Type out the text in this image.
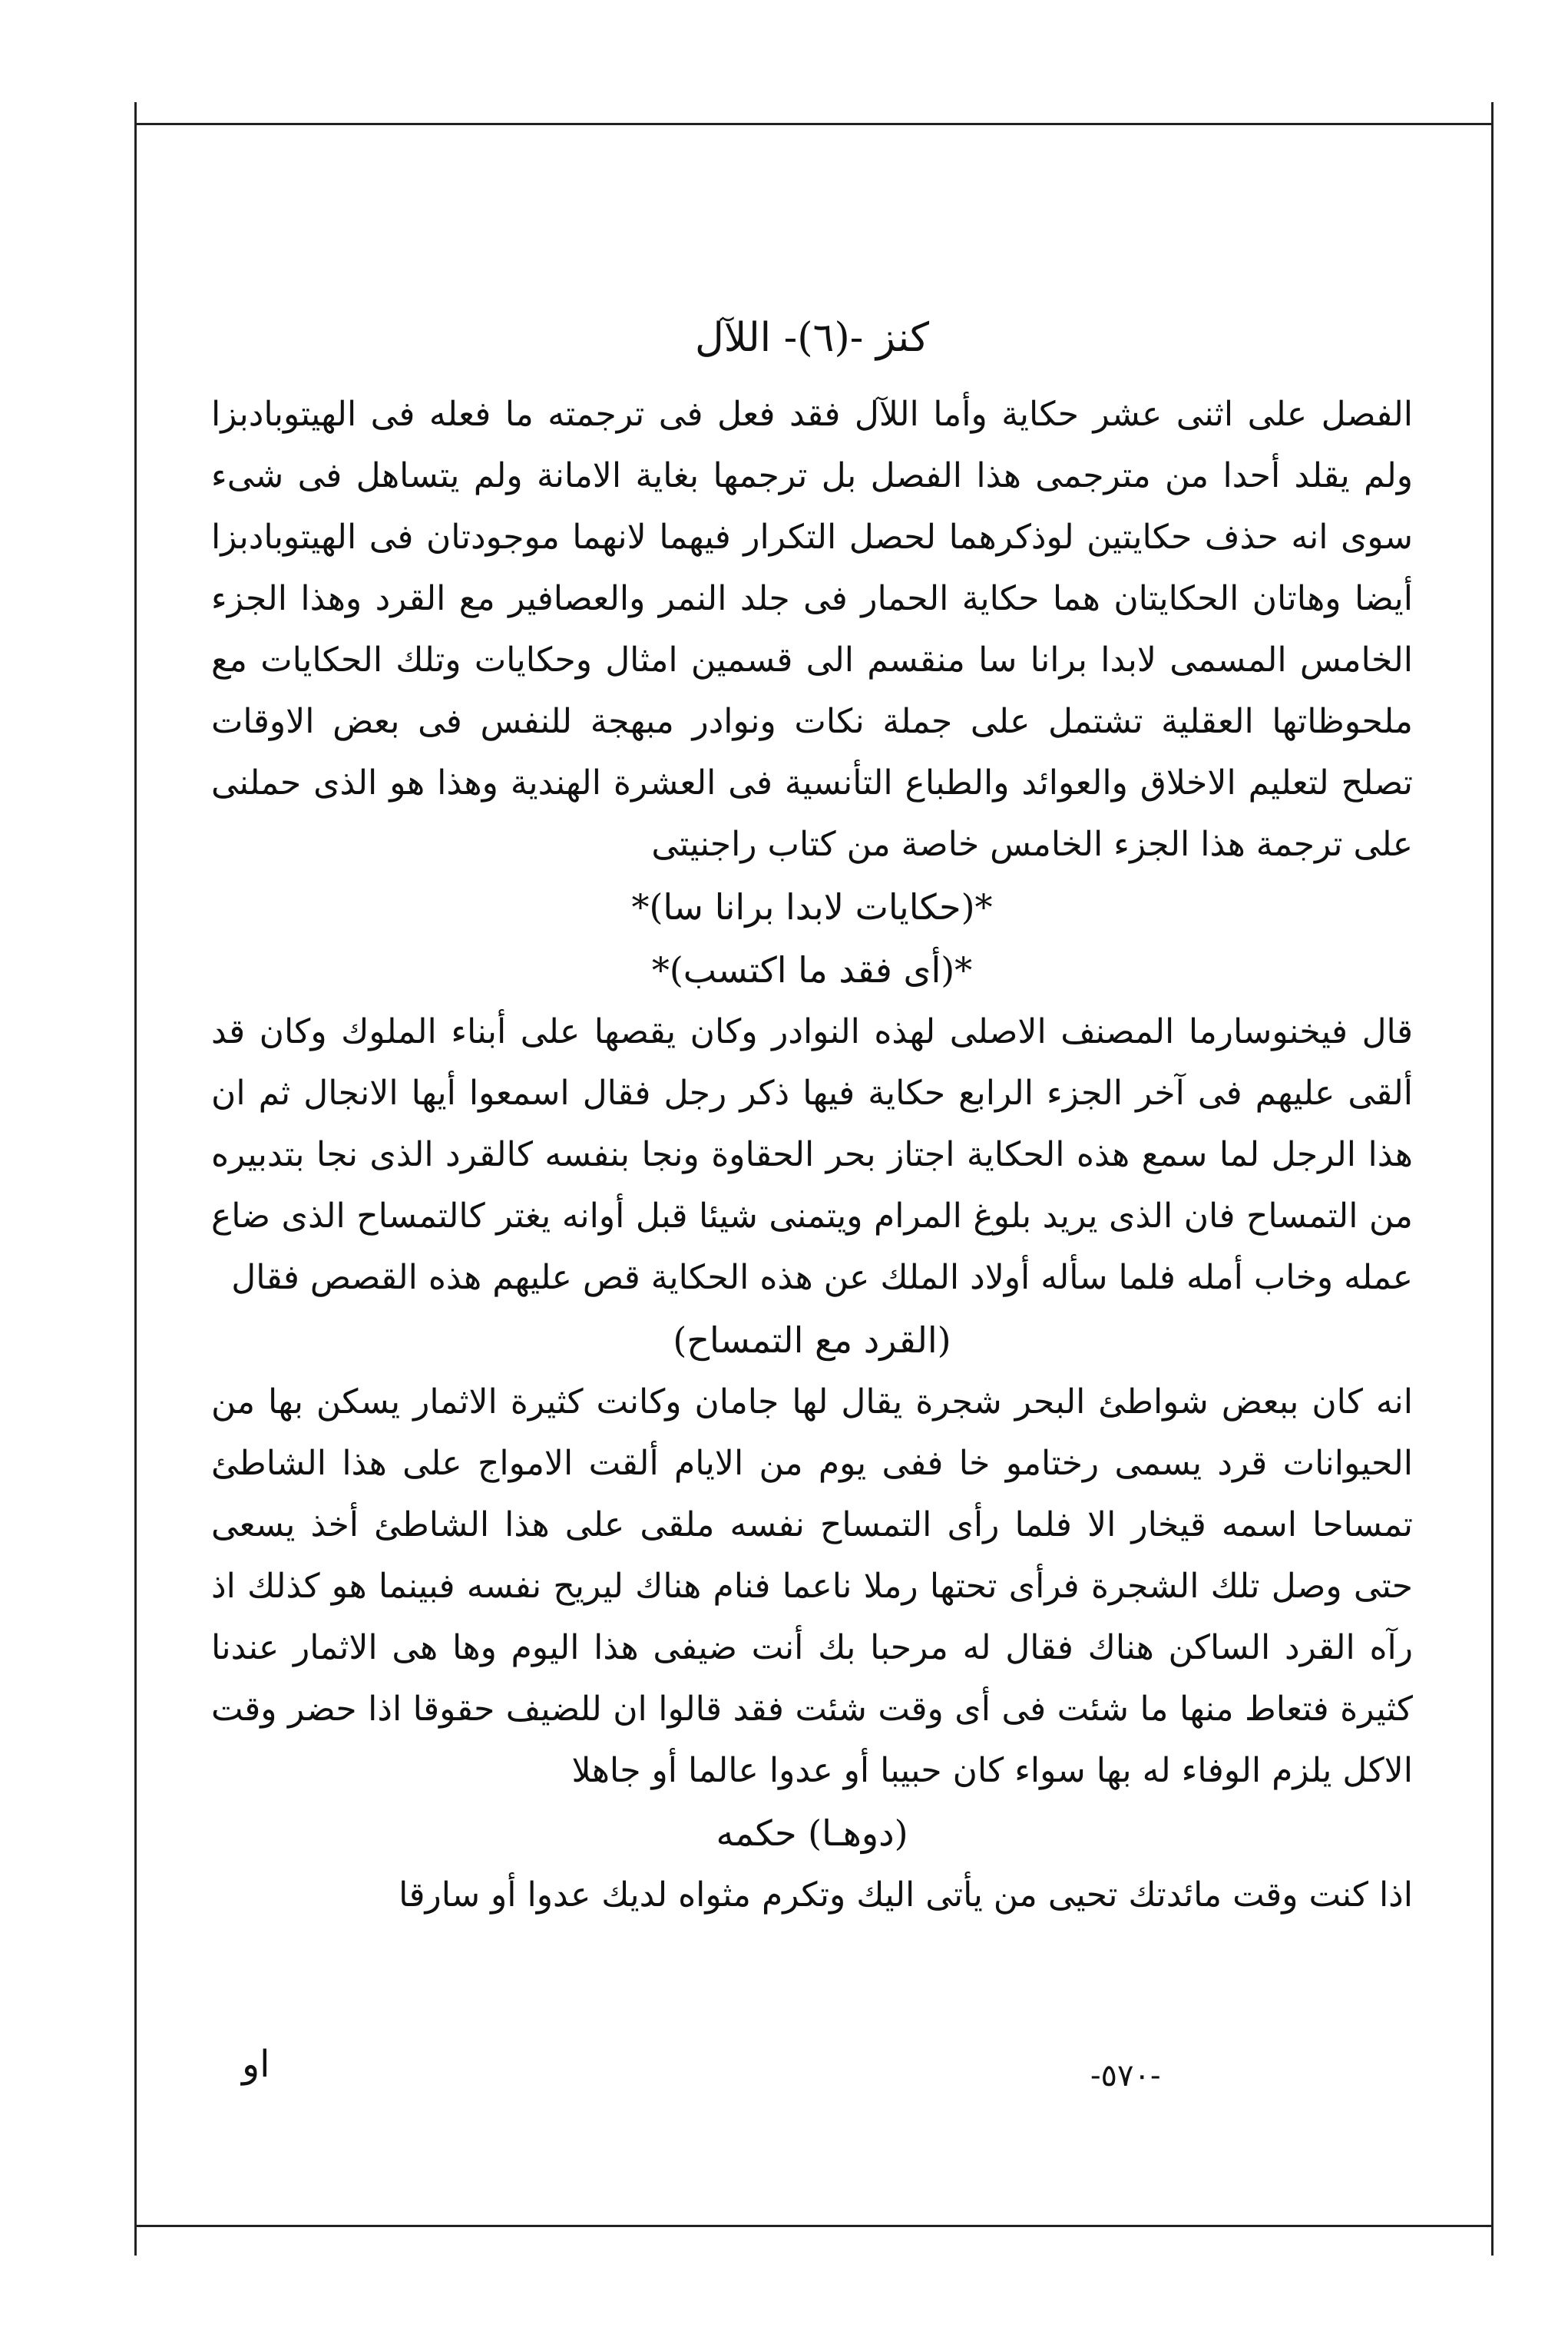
كنز -(٦)- اللآل

الفصل على اثنى عشر حكاية وأما اللآل فقد فعل فى ترجمته ما فعله فى الهيتوبادبزا ولم يقلد أحدا من مترجمى هذا الفصل بل ترجمها بغاية الامانة ولم يتساهل فى شىء سوى انه حذف حكايتين لوذكرهما لحصل التكرار فيهما لانهما موجودتان فى الهيتوبادبزا أيضا وهاتان الحكايتان هما حكاية الحمار فى جلد النمر والعصافير مع القرد وهذا الجزء الخامس المسمى لابدا برانا سا منقسم الى قسمين امثال وحكايات وتلك الحكايات مع ملحوظاتها العقلية تشتمل على جملة نكات ونوادر مبهجة للنفس فى بعض الاوقات تصلح لتعليم الاخلاق والعوائد والطباع التأنسية فى العشرة الهندية وهذا هو الذى حملنى على ترجمة هذا الجزء الخامس خاصة من كتاب راجنيتى

*(حكايات لابدا برانا سا)*

*(أى فقد ما اكتسب)*

قال فيخنوسارما المصنف الاصلى لهذه النوادر وكان يقصها على أبناء الملوك وكان قد ألقى عليهم فى آخر الجزء الرابع حكاية فيها ذكر رجل فقال اسمعوا أيها الانجال ثم ان هذا الرجل لما سمع هذه الحكاية اجتاز بحر الحقاوة ونجا بنفسه كالقرد الذى نجا بتدبيره من التمساح فان الذى يريد بلوغ المرام ويتمنى شيئا قبل أوانه يغتر كالتمساح الذى ضاع عمله وخاب أمله فلما سأله أولاد الملك عن هذه الحكاية قص عليهم هذه القصص فقال

(القرد مع التمساح)

انه كان ببعض شواطئ البحر شجرة يقال لها جامان وكانت كثيرة الاثمار يسكن بها من الحيوانات قرد يسمى رختامو خا ففى يوم من الايام ألقت الامواج على هذا الشاطئ تمساحا اسمه قيخار الا فلما رأى التمساح نفسه ملقى على هذا الشاطئ أخذ يسعى حتى وصل تلك الشجرة فرأى تحتها رملا ناعما فنام هناك ليريح نفسه فبينما هو كذلك اذ رآه القرد الساكن هناك فقال له مرحبا بك أنت ضيفى هذا اليوم وها هى الاثمار عندنا كثيرة فتعاط منها ما شئت فى أى وقت شئت فقد قالوا ان للضيف حقوقا اذا حضر وقت الاكل يلزم الوفاء له بها سواء كان حبيبا أو عدوا عالما أو جاهلا

(دوهـا) حكمه

اذا كنت وقت مائدتك تحيى من يأتى اليك وتكرم مثواه لديك عدوا أو سارقا

او	-٥٧٠-
